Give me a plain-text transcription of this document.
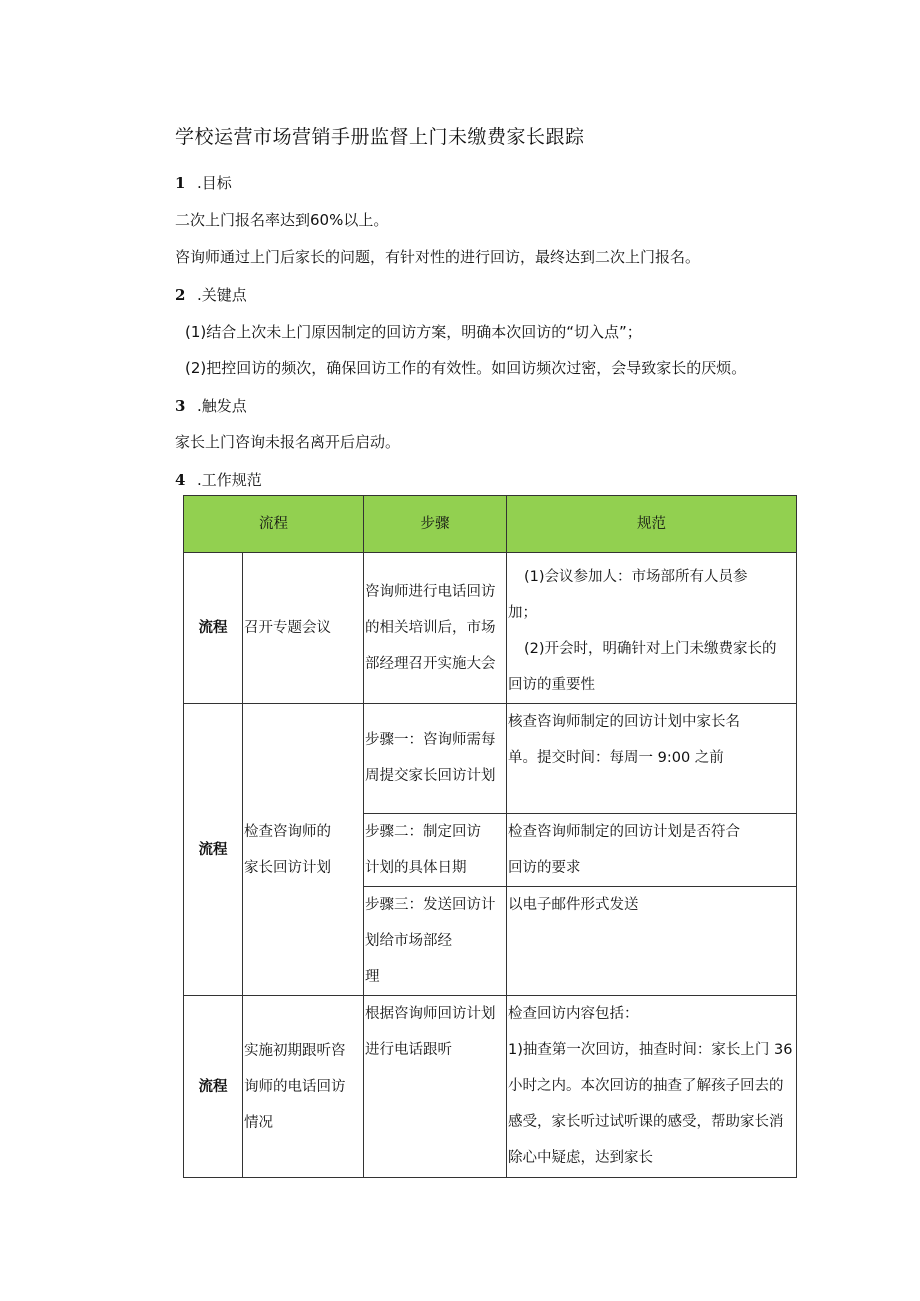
学校运营市场营销手册监督上门未缴费家长跟踪
1 .目标
二次上门报名率达到60%以上。
咨询师通过上门后家长的问题，有针对性的进行回访，最终达到二次上门报名。
2 .关键点
(1)结合上次未上门原因制定的回访方案，明确本次回访的“切入点”；
(2)把控回访的频次，确保回访工作的有效性。如回访频次过密，会导致家长的厌烦。
3 .触发点
家长上门咨询未报名离开后启动。
4 .工作规范
流程		步骤	规范
流程	召开专题会议	咨询师进行电话回访
的相关培训后，市场
部经理召开实施大会	(1)会议参加人：市场部所有人员参
加；
(2)开会时，明确针对上门未缴费家长的
回访的重要性

流程	检查咨询师的
家长回访计划	步骤一：咨询师需每
周提交家长回访计划	核查咨询师制定的回访计划中家长名
单。提交时间：每周一 9:00 之前

		步骤二：制定回访
计划的具体日期	检查咨询师制定的回访计划是否符合
回访的要求

		步骤三：发送回访计
划给市场部经
理	以电子邮件形式发送

流程	实施初期跟听咨
询师的电话回访
情况	根据咨询师回访计划
进行电话跟听	检查回访内容包括：
1)抽查第一次回访，抽查时间：家长上门 36
小时之内。本次回访的抽查了解孩子回去的
感受，家长听过试听课的感受，帮助家长消
除心中疑虑，达到家长
